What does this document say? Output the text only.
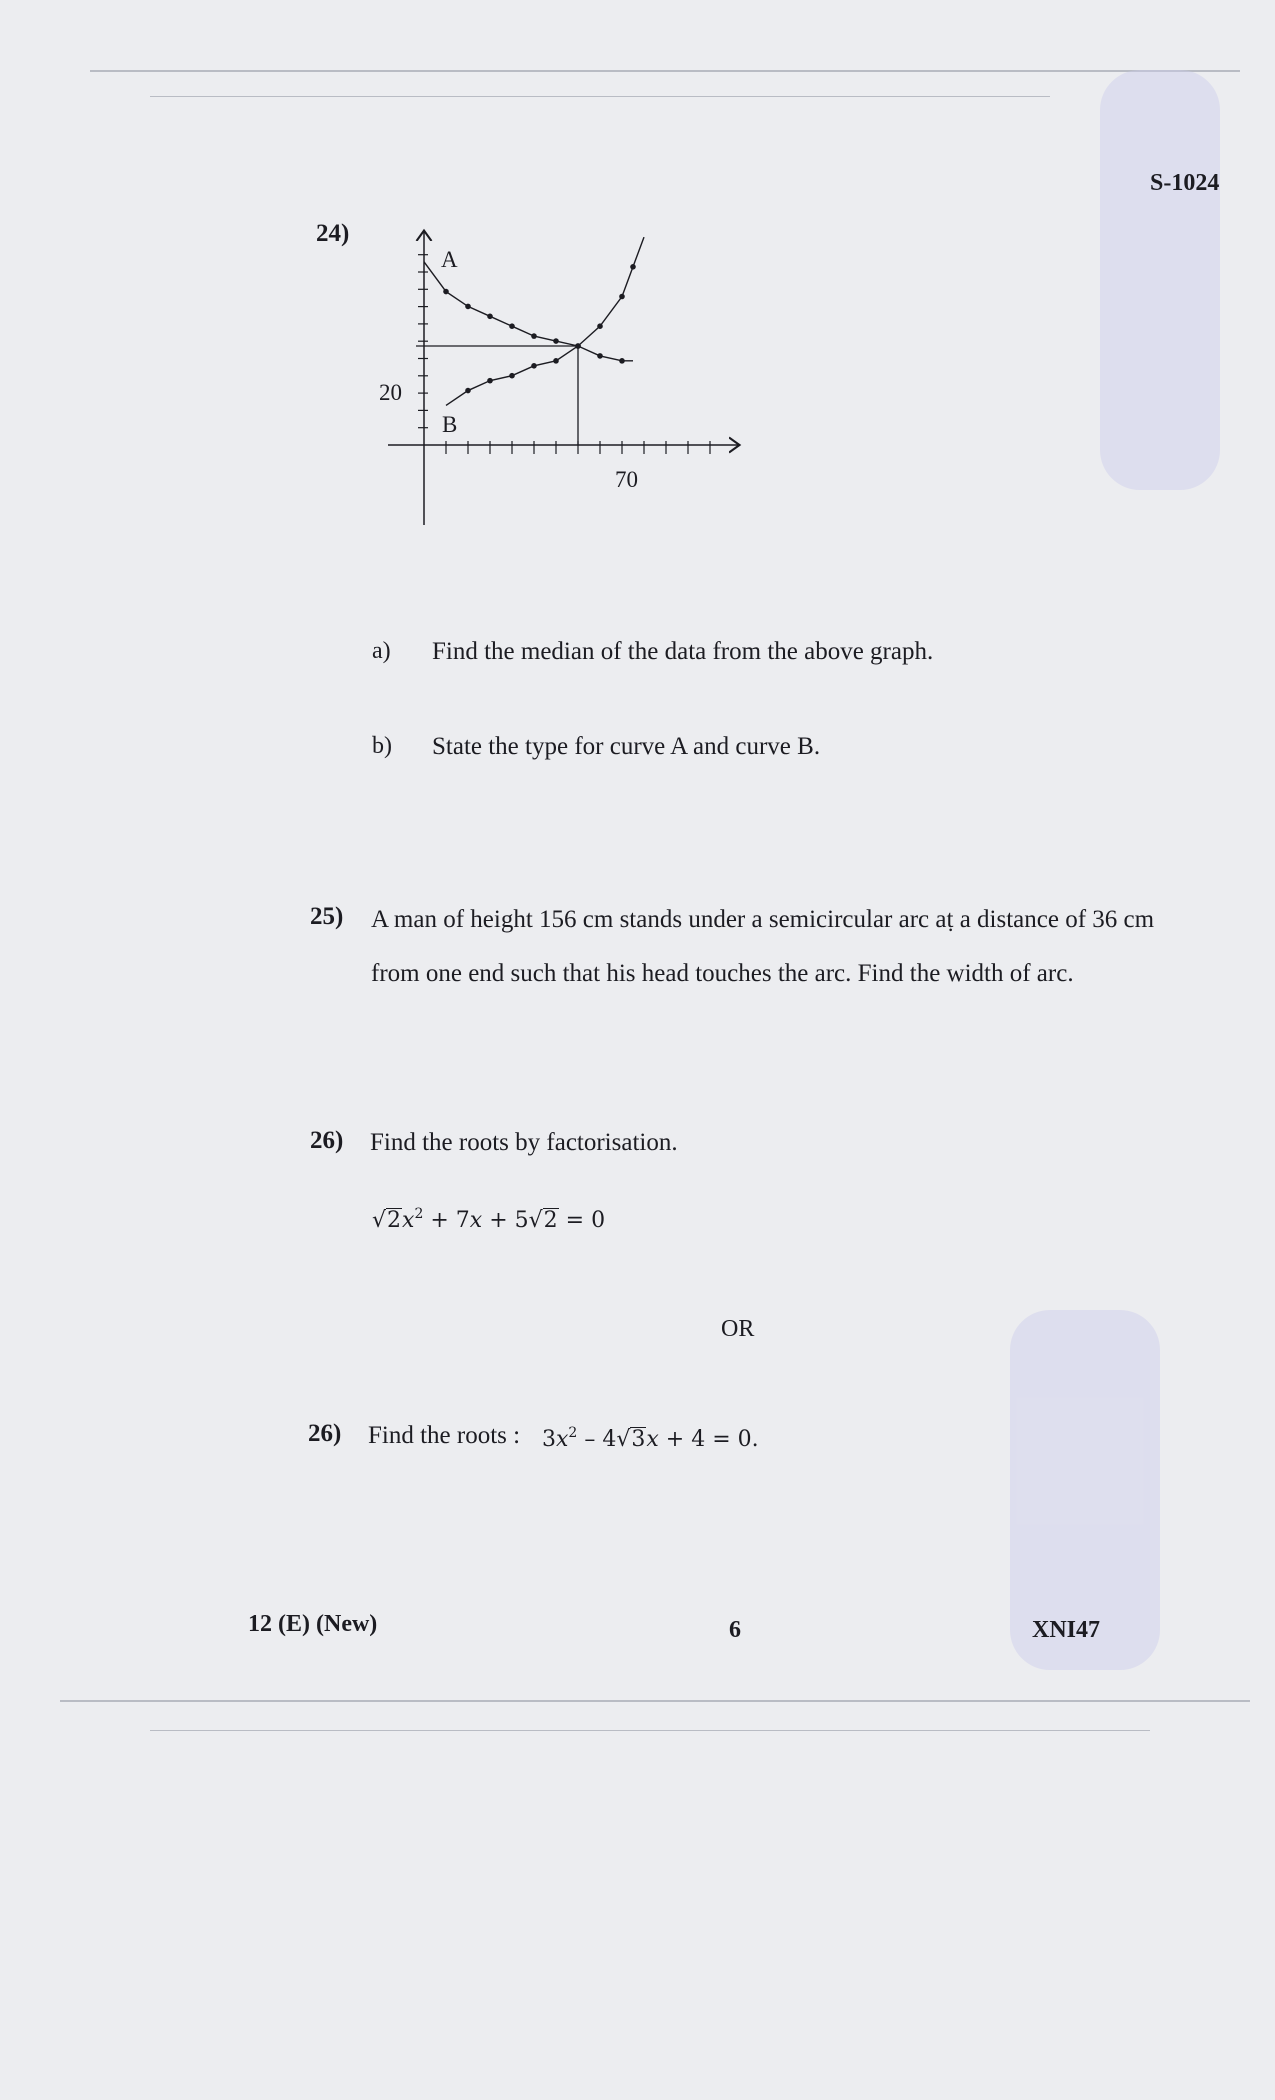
S-1024
24)
A
B
20
70
a) Find the median of the data from the above graph.
b) State the type for curve A and curve B.
25) A man of height 156 cm stands under a semicircular arc aṭ a distance of 36 cm
from one end such that his head touches the arc. Find the width of arc.
26) Find the roots by factorisation.
$√2x^2 + 7x + 5√2 = 0$
OR
26) Find the roots : $3x^2 - 4√3x + 4 = 0$.
12 (E) (New)	6	XNI47
